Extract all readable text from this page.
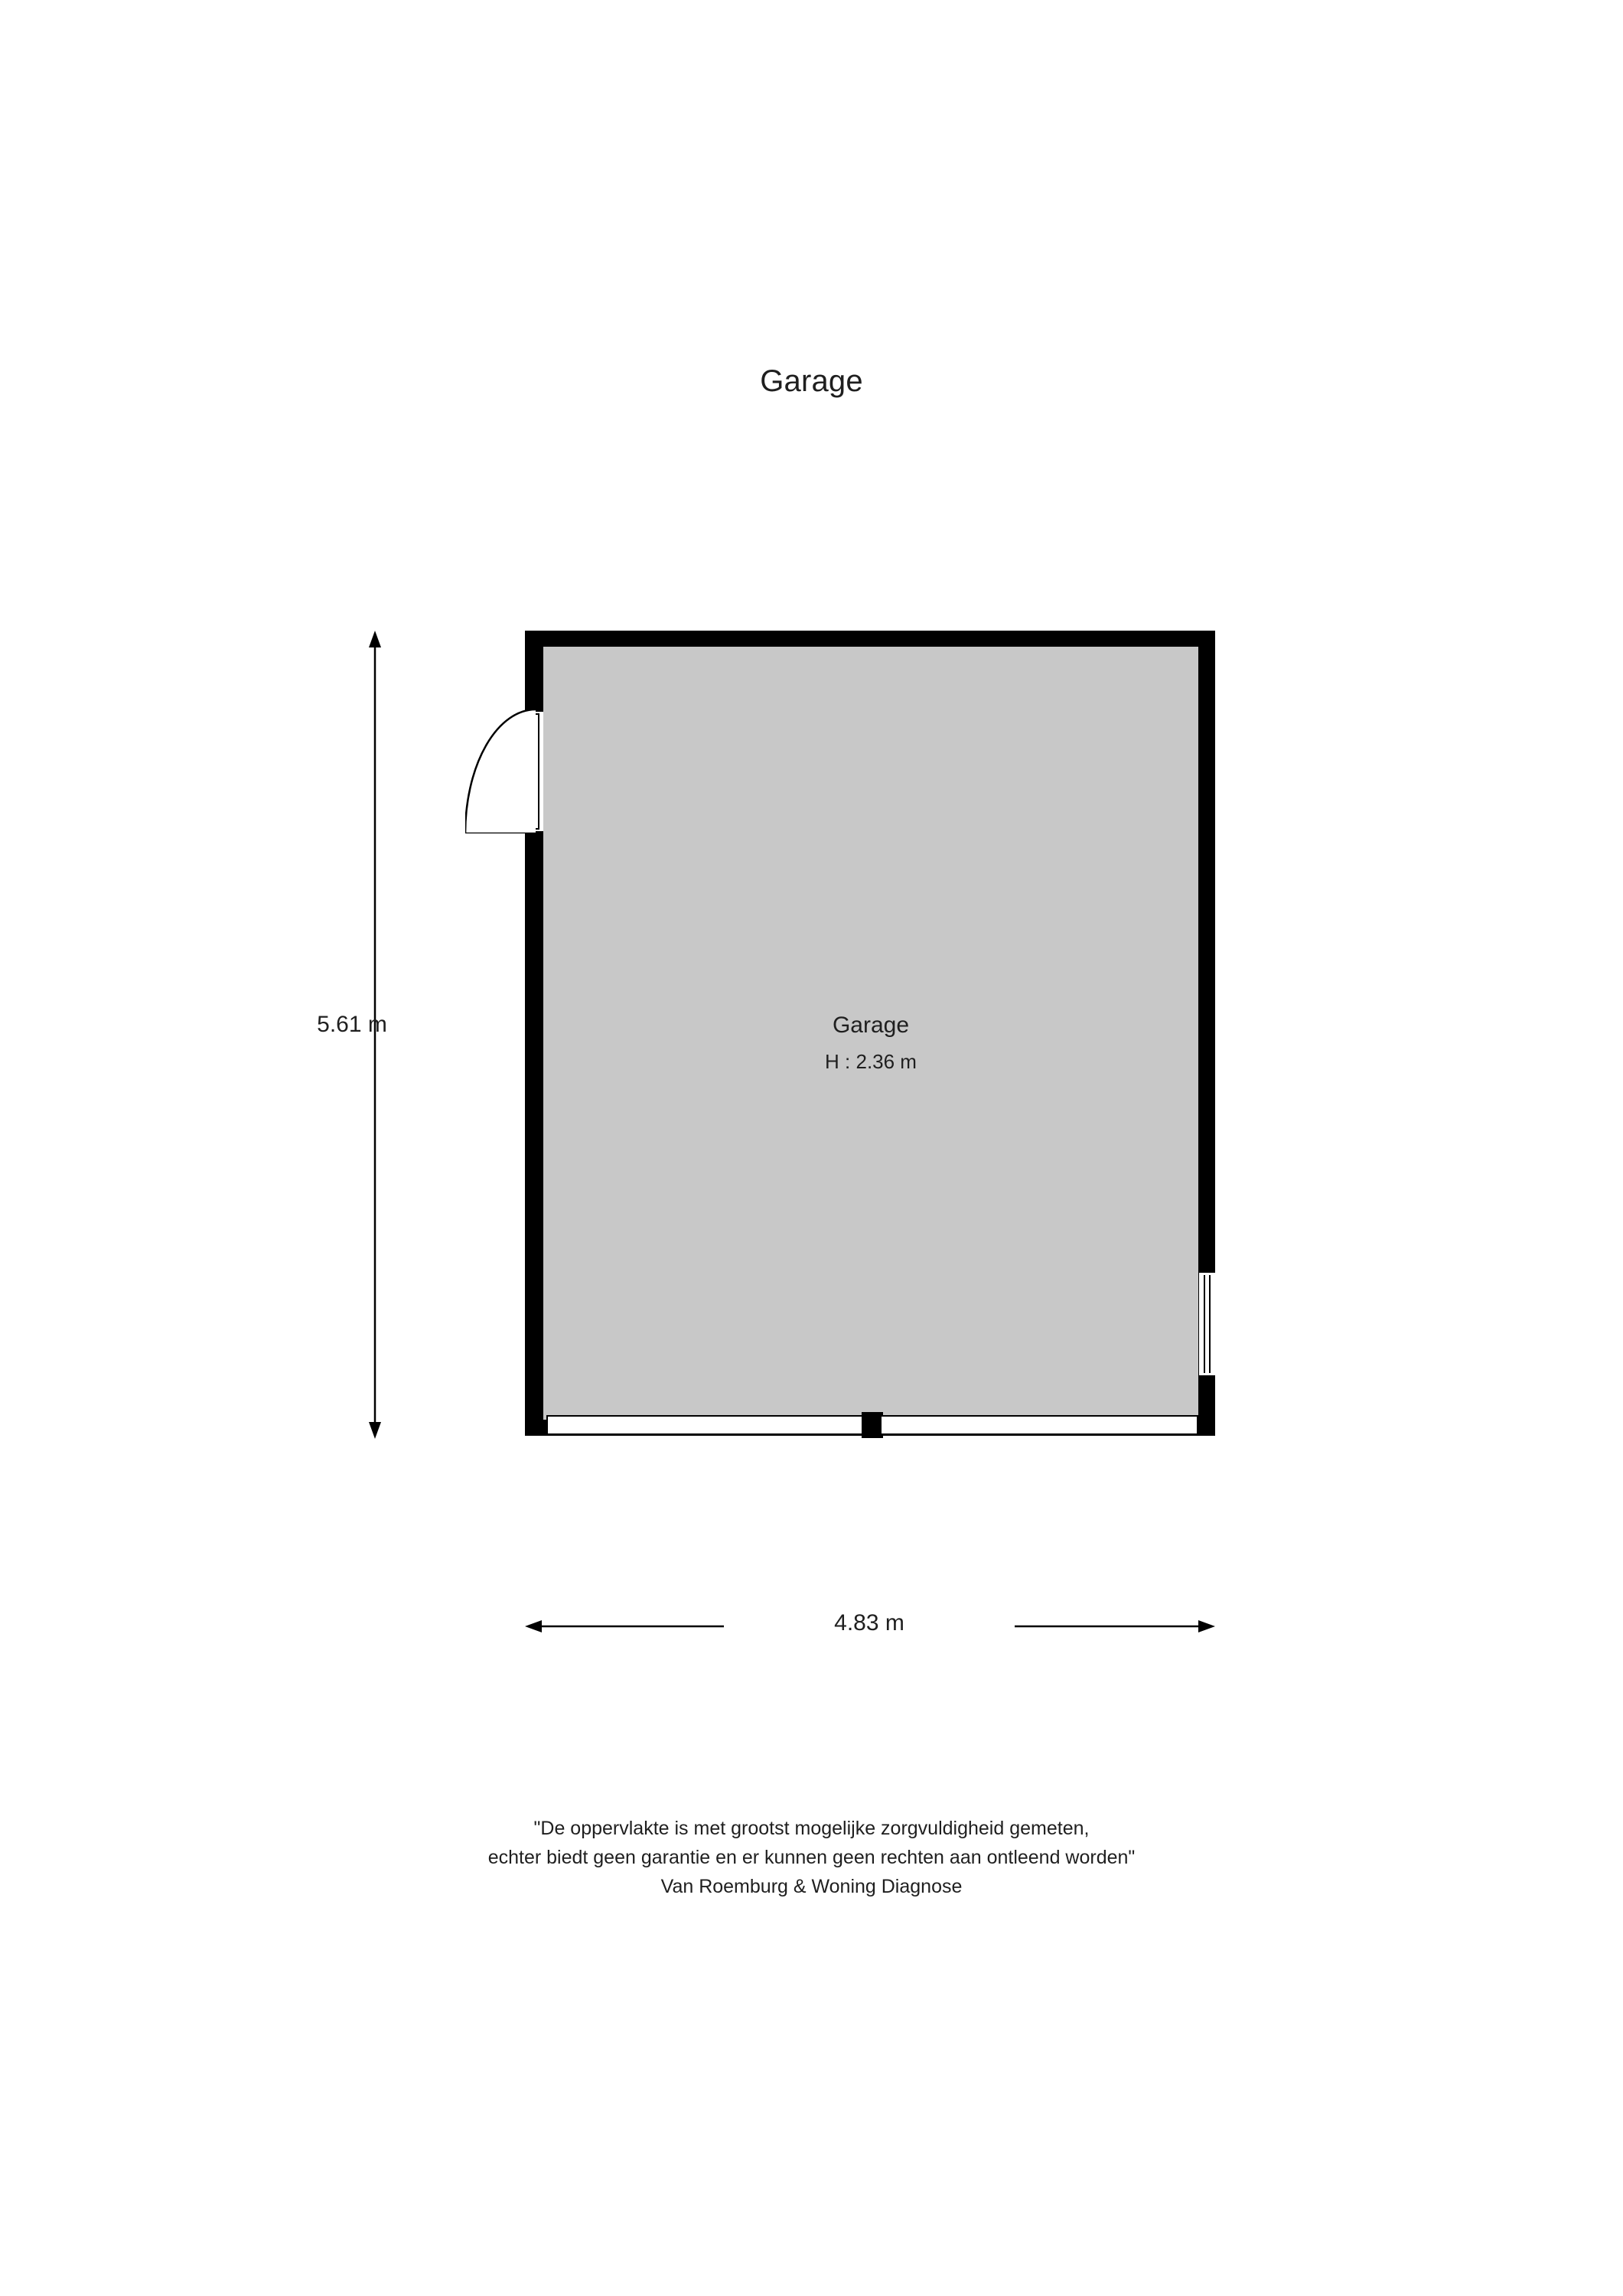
Garage
Garage
H : 2.36 m
5.61 m
4.83 m
"De oppervlakte is met grootst mogelijke zorgvuldigheid gemeten,
echter biedt geen garantie en er kunnen geen rechten aan ontleend worden"
Van Roemburg & Woning Diagnose
